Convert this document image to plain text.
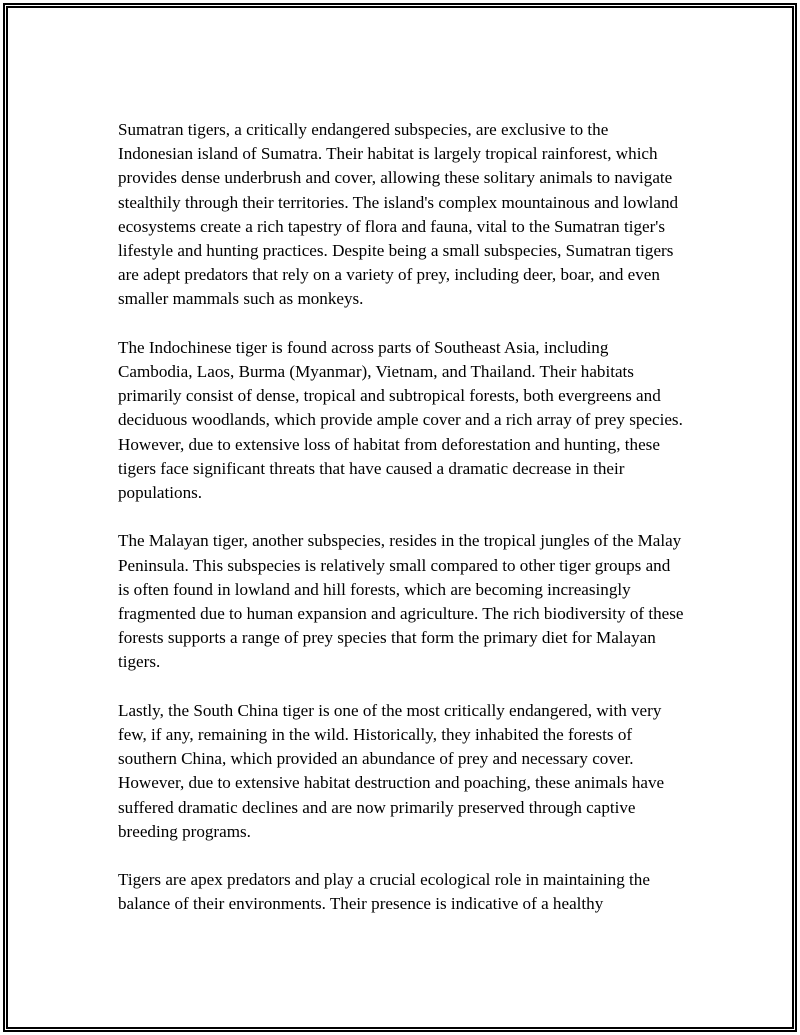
Sumatran tigers, a critically endangered subspecies, are exclusive to the Indonesian island of Sumatra. Their habitat is largely tropical rainforest, which provides dense underbrush and cover, allowing these solitary animals to navigate stealthily through their territories. The island's complex mountainous and lowland ecosystems create a rich tapestry of flora and fauna, vital to the Sumatran tiger's lifestyle and hunting practices. Despite being a small subspecies, Sumatran tigers are adept predators that rely on a variety of prey, including deer, boar, and even smaller mammals such as monkeys.

The Indochinese tiger is found across parts of Southeast Asia, including Cambodia, Laos, Burma (Myanmar), Vietnam, and Thailand. Their habitats primarily consist of dense, tropical and subtropical forests, both evergreens and deciduous woodlands, which provide ample cover and a rich array of prey species. However, due to extensive loss of habitat from deforestation and hunting, these tigers face significant threats that have caused a dramatic decrease in their populations.

The Malayan tiger, another subspecies, resides in the tropical jungles of the Malay Peninsula. This subspecies is relatively small compared to other tiger groups and is often found in lowland and hill forests, which are becoming increasingly fragmented due to human expansion and agriculture. The rich biodiversity of these forests supports a range of prey species that form the primary diet for Malayan tigers.

Lastly, the South China tiger is one of the most critically endangered, with very few, if any, remaining in the wild. Historically, they inhabited the forests of southern China, which provided an abundance of prey and necessary cover. However, due to extensive habitat destruction and poaching, these animals have suffered dramatic declines and are now primarily preserved through captive breeding programs.

Tigers are apex predators and play a crucial ecological role in maintaining the balance of their environments. Their presence is indicative of a healthy
